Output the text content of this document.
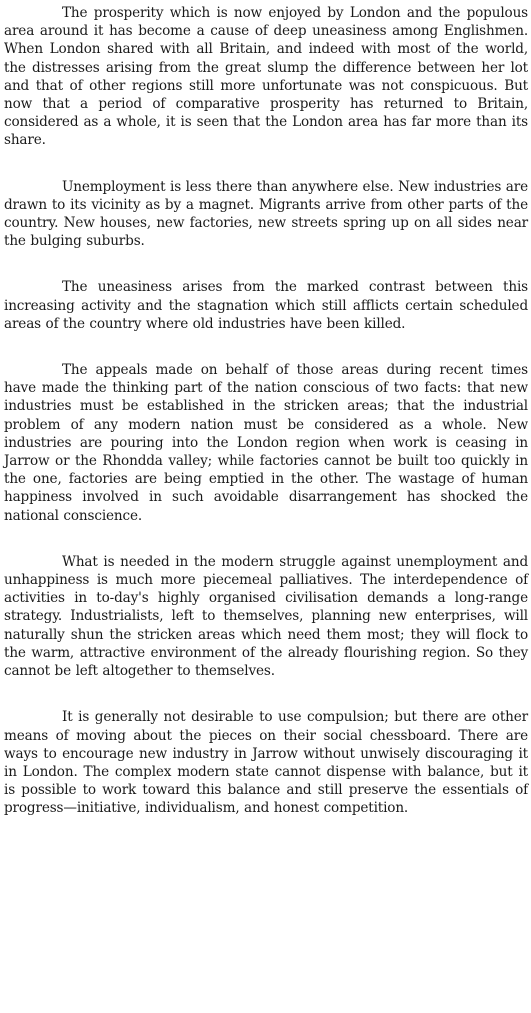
The prosperity which is now enjoyed by London and the populous area around it has become a cause of deep uneasiness among Englishmen. When London shared with all Britain, and indeed with most of the world, the distresses arising from the great slump the difference between her lot and that of other regions still more unfortunate was not conspicuous. But now that a period of comparative prosperity has returned to Britain, considered as a whole, it is seen that the London area has far more than its share.

Unemployment is less there than anywhere else. New industries are drawn to its vicinity as by a magnet. Migrants arrive from other parts of the country. New houses, new factories, new streets spring up on all sides near the bulging suburbs.

The uneasiness arises from the marked contrast between this increasing activity and the stagnation which still afflicts certain scheduled areas of the country where old industries have been killed.

The appeals made on behalf of those areas during recent times have made the thinking part of the nation conscious of two facts: that new industries must be established in the stricken areas; that the industrial problem of any modern nation must be considered as a whole. New industries are pouring into the London region when work is ceasing in Jarrow or the Rhondda valley; while factories cannot be built too quickly in the one, factories are being emptied in the other. The wastage of human happiness involved in such avoidable disarrangement has shocked the national conscience.

What is needed in the modern struggle against unemployment and unhappiness is much more piecemeal palliatives. The interdependence of activities in to-day's highly organised civilisation demands a long-range strategy. Industrialists, left to themselves, planning new enterprises, will naturally shun the stricken areas which need them most; they will flock to the warm, attractive environment of the already flourishing region. So they cannot be left altogether to themselves.

It is generally not desirable to use compulsion; but there are other means of moving about the pieces on their social chessboard. There are ways to encourage new industry in Jarrow without unwisely discouraging it in London. The complex modern state cannot dispense with balance, but it is possible to work toward this balance and still preserve the essentials of progress—initiative, individualism, and honest competition.
